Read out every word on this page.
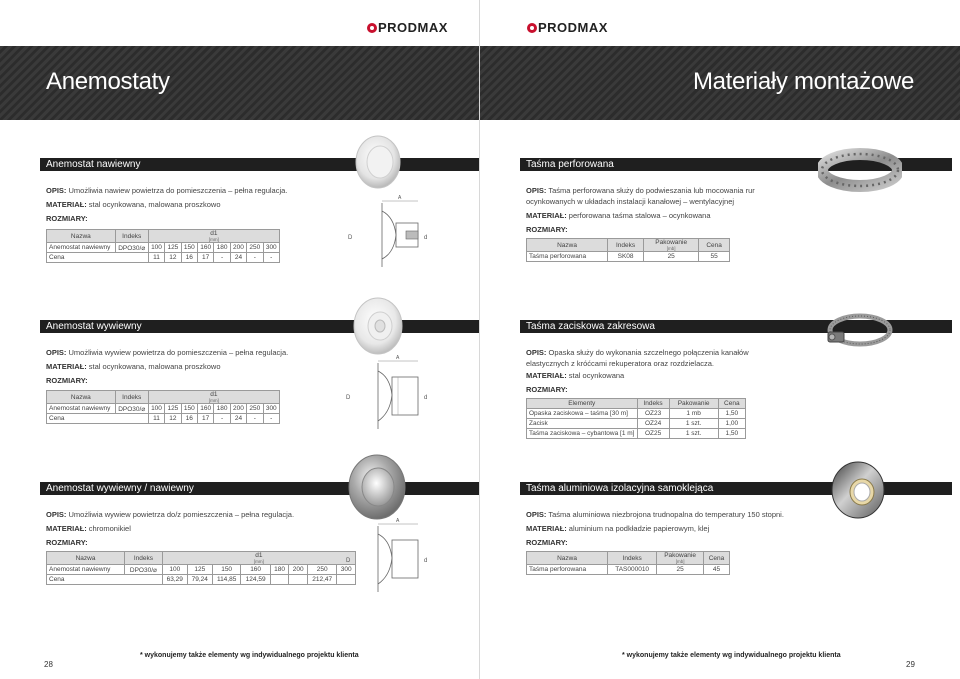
PRODMAX
Anemostaty
Anemostat nawiewny
OPIS: Umożliwia nawiew powietrza do pomieszczenia – pełna regulacja.
MATERIAŁ: stal ocynkowana, malowana proszkowo
ROZMIARY:
Nazwa	Indeks	d1
[mm]							

Anemostat nawiewny	DPO30/⌀	100	125	150	160	180	200	250	300
Cena		11	12	16	17	-	24	-	-
A
D	d
Anemostat wywiewny
OPIS: Umożliwia wywiew powietrza do pomieszczenia – pełna regulacja.
MATERIAŁ: stal ocynkowana, malowana proszkowo
ROZMIARY:
Nazwa	Indeks	d1
[mm]							

Anemostat nawiewny	DPO30/⌀	100	125	150	160	180	200	250	300
Cena		11	12	16	17	-	24	-	-
A
D	d
Anemostat wywiewny / nawiewny
OPIS: Umożliwia wywiew powietrza do/z pomieszczenia – pełna regulacja.
MATERIAŁ: chromonikiel
ROZMIARY:
Nazwa	Indeks	d1
[mm]							

Anemostat nawiewny	DPO30/⌀	100	125	150	160	180	200	250	300
Cena		63,29	79,24	114,85	124,59			212,47	
A
D	d
* wykonujemy także elementy wg indywidualnego projektu klienta
28
PRODMAX
Materiały montażowe
Taśma perforowana
OPIS: Taśma perforowana służy do podwieszania lub mocowania rur
ocynkowanych w układach instalacji kanałowej – wentylacyjnej
MATERIAŁ: perforowana taśma stalowa – ocynkowana
ROZMIARY:
Nazwa	Indeks	Pakowanie
[mb]	Cena
Taśma perforowana	SK08	25	55
Taśma zaciskowa zakresowa
OPIS: Opaska służy do wykonania szczelnego połączenia kanałów
elastycznych z króćcami rekuperatora oraz rozdzielacza.
MATERIAŁ: stal ocynkowana
ROZMIARY:
Elementy	Indeks	Pakowanie	Cena
Opaska zaciskowa – taśma [30 m]	OZ23	1 mb	1,50
Zacisk	OZ24	1 szt.	1,00
Taśma zaciskowa – cybantowa [1 m]	OZ25	1 szt.	1,50
Taśma aluminiowa izolacyjna samoklejąca
OPIS: Taśma aluminiowa niezbrojona trudnopalna do temperatury 150 stopni.
MATERIAŁ: aluminium na podkładzie papierowym, klej
ROZMIARY:
Nazwa	Indeks	Pakowanie
[mb]	Cena
Taśma perforowana	TAS000010	25	45
* wykonujemy także elementy wg indywidualnego projektu klienta
29
